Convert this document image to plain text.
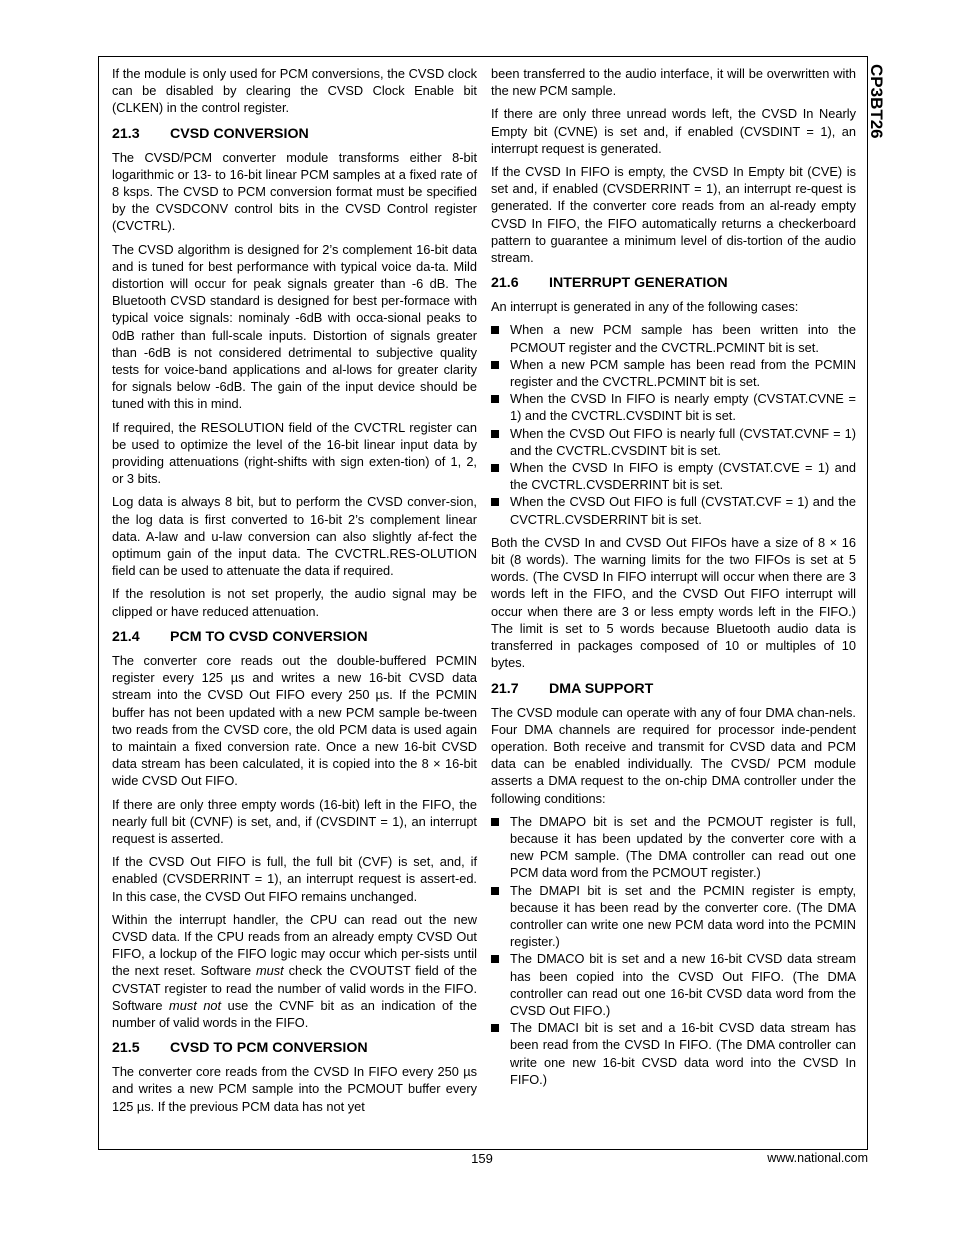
CP3BT26

If the module is only used for PCM conversions, the CVSD clock can be disabled by clearing the CVSD Clock Enable bit (CLKEN) in the control register.

21.3 CVSD CONVERSION

The CVSD/PCM converter module transforms either 8-bit logarithmic or 13- to 16-bit linear PCM samples at a fixed rate of 8 ksps. The CVSD to PCM conversion format must be specified by the CVSDCONV control bits in the CVSD Control register (CVCTRL).

The CVSD algorithm is designed for 2’s complement 16-bit data and is tuned for best performance with typical voice da-ta. Mild distortion will occur for peak signals greater than -6 dB. The Bluetooth CVSD standard is designed for best per-formace with typical voice signals: nominaly -6dB with occa-sional peaks to 0dB rather than full-scale inputs. Distortion of signals greater than -6dB is not considered detrimental to subjective quality tests for voice-band applications and al-lows for greater clarity for signals below -6dB. The gain of the input device should be tuned with this in mind.

If required, the RESOLUTION field of the CVCTRL register can be used to optimize the level of the 16-bit linear input data by providing attenuations (right-shifts with sign exten-tion) of 1, 2, or 3 bits.

Log data is always 8 bit, but to perform the CVSD conver-sion, the log data is first converted to 16-bit 2’s complement linear data. A-law and u-law conversion can also slightly af-fect the optimum gain of the input data. The CVCTRL.RES-OLUTION field can be used to attenuate the data if required.

If the resolution is not set properly, the audio signal may be clipped or have reduced attenuation.

21.4 PCM TO CVSD CONVERSION

The converter core reads out the double-buffered PCMIN register every 125 µs and writes a new 16-bit CVSD data stream into the CVSD Out FIFO every 250 µs. If the PCMIN buffer has not been updated with a new PCM sample be-tween two reads from the CVSD core, the old PCM data is used again to maintain a fixed conversion rate. Once a new 16-bit CVSD data stream has been calculated, it is copied into the 8 × 16-bit wide CVSD Out FIFO.

If there are only three empty words (16-bit) left in the FIFO, the nearly full bit (CVNF) is set, and, if (CVSDINT = 1), an interrupt request is asserted.

If the CVSD Out FIFO is full, the full bit (CVF) is set, and, if enabled (CVSDERRINT = 1), an interrupt request is assert-ed. In this case, the CVSD Out FIFO remains unchanged.

Within the interrupt handler, the CPU can read out the new CVSD data. If the CPU reads from an already empty CVSD Out FIFO, a lockup of the FIFO logic may occur which per-sists until the next reset. Software must check the CVOUTST field of the CVSTAT register to read the number of valid words in the FIFO. Software must not use the CVNF bit as an indication of the number of valid words in the FIFO.

21.5 CVSD TO PCM CONVERSION

The converter core reads from the CVSD In FIFO every 250 µs and writes a new PCM sample into the PCMOUT buffer every 125 µs. If the previous PCM data has not yet

been transferred to the audio interface, it will be overwritten with the new PCM sample.

If there are only three unread words left, the CVSD In Nearly Empty bit (CVNE) is set and, if enabled (CVSDINT = 1), an interrupt request is generated.

If the CVSD In FIFO is empty, the CVSD In Empty bit (CVE) is set and, if enabled (CVSDERRINT = 1), an interrupt re-quest is generated. If the converter core reads from an al-ready empty CVSD In FIFO, the FIFO automatically returns a checkerboard pattern to guarantee a minimum level of dis-tortion of the audio stream.

21.6 INTERRUPT GENERATION

An interrupt is generated in any of the following cases:

When a new PCM sample has been written into the PCMOUT register and the CVCTRL.PCMINT bit is set.
When a new PCM sample has been read from the PCMIN register and the CVCTRL.PCMINT bit is set.
When the CVSD In FIFO is nearly empty (CVSTAT.CVNE = 1) and the CVCTRL.CVSDINT bit is set.
When the CVSD Out FIFO is nearly full (CVSTAT.CVNF = 1) and the CVCTRL.CVSDINT bit is set.
When the CVSD In FIFO is empty (CVSTAT.CVE = 1) and the CVCTRL.CVSDERRINT bit is set.
When the CVSD Out FIFO is full (CVSTAT.CVF = 1) and the CVCTRL.CVSDERRINT bit is set.

Both the CVSD In and CVSD Out FIFOs have a size of 8 × 16 bit (8 words). The warning limits for the two FIFOs is set at 5 words. (The CVSD In FIFO interrupt will occur when there are 3 words left in the FIFO, and the CVSD Out FIFO interrupt will occur when there are 3 or less empty words left in the FIFO.) The limit is set to 5 words because Bluetooth audio data is transferred in packages composed of 10 or multiples of 10 bytes.

21.7 DMA SUPPORT

The CVSD module can operate with any of four DMA chan-nels. Four DMA channels are required for processor inde-pendent operation. Both receive and transmit for CVSD data and PCM data can be enabled individually. The CVSD/ PCM module asserts a DMA request to the on-chip DMA controller under the following conditions:

The DMAPO bit is set and the PCMOUT register is full, because it has been updated by the converter core with a new PCM sample. (The DMA controller can read out one PCM data word from the PCMOUT register.)
The DMAPI bit is set and the PCMIN register is empty, because it has been read by the converter core. (The DMA controller can write one new PCM data word into the PCMIN register.)
The DMACO bit is set and a new 16-bit CVSD data stream has been copied into the CVSD Out FIFO. (The DMA controller can read out one 16-bit CVSD data word from the CVSD Out FIFO.)
The DMACI bit is set and a 16-bit CVSD data stream has been read from the CVSD In FIFO. (The DMA controller can write one new 16-bit CVSD data word into the CVSD In FIFO.)
159	www.national.com
